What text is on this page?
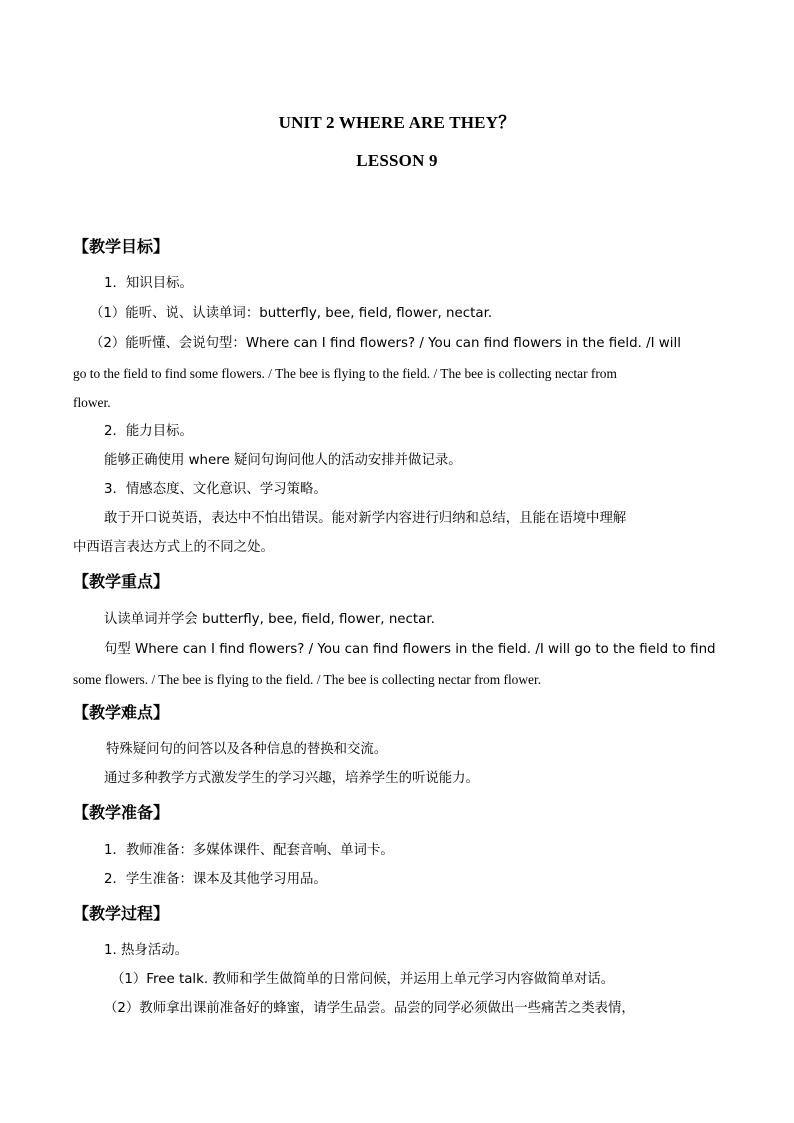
UNIT 2 WHERE ARE THEY？
LESSON 9
【教学目标】
1．知识目标。
（1）能听、说、认读单词：butterfly, bee, field, flower, nectar.
（2）能听懂、会说句型：Where can I find flowers? / You can find flowers in the field. /I will
go to the field to find some flowers. / The bee is flying to the field. / The bee is collecting nectar from
flower.
2．能力目标。
能够正确使用 where 疑问句询问他人的活动安排并做记录。
3．情感态度、文化意识、学习策略。
敢于开口说英语，表达中不怕出错误。能对新学内容进行归纳和总结，且能在语境中理解
中西语言表达方式上的不同之处。
【教学重点】
认读单词并学会 butterfly, bee, field, flower, nectar.
句型 Where can I find flowers? / You can find flowers in the field. /I will go to the field to find
some flowers. / The bee is flying to the field. / The bee is collecting nectar from flower.
【教学难点】
特殊疑问句的问答以及各种信息的替换和交流。
通过多种教学方式激发学生的学习兴趣，培养学生的听说能力。
【教学准备】
1．教师准备：多媒体课件、配套音响、单词卡。
2．学生准备：课本及其他学习用品。
【教学过程】
1. 热身活动。
（1）Free talk. 教师和学生做简单的日常问候，并运用上单元学习内容做简单对话。
（2）教师拿出课前准备好的蜂蜜，请学生品尝。品尝的同学必须做出一些痛苦之类表情，
